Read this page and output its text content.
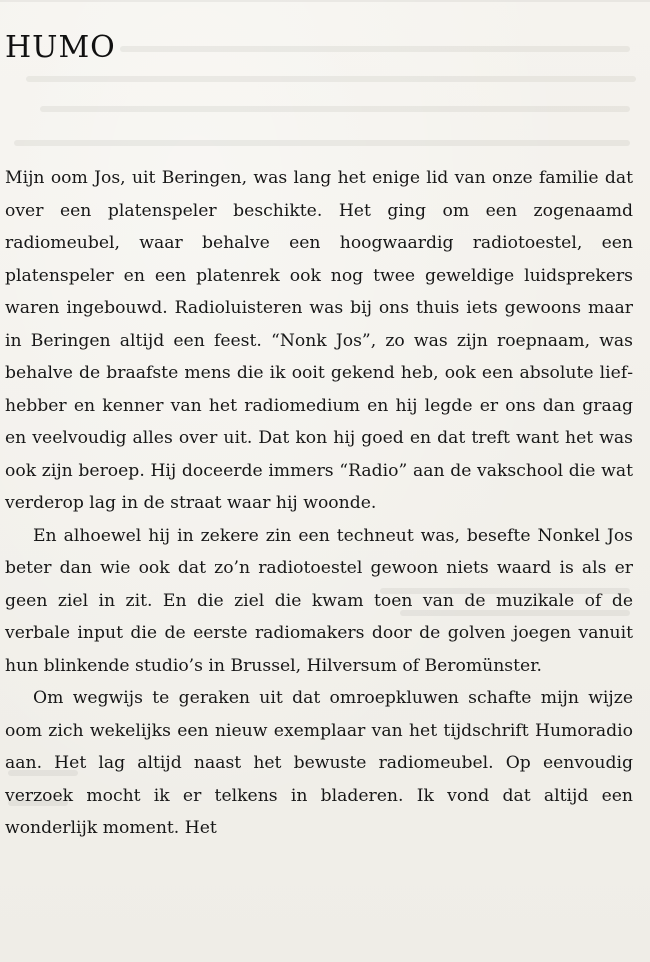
HUMO

Mijn oom Jos, uit Beringen, was lang het enige lid van onze familie dat over een platenspeler beschikte. Het ging om een zogenaamd radiomeubel, waar behalve een hoogwaardig radiotoestel, een platenspeler en een platenrek ook nog twee geweldige luidsprekers waren ingebouwd. Radioluisteren was bij ons thuis iets gewoons maar in Beringen altijd een feest. “Nonk Jos”, zo was zijn roepnaam, was behalve de braafste mens die ik ooit gekend heb, ook een absolute liefhebber en kenner van het radiomedium en hij legde er ons dan graag en veelvoudig alles over uit. Dat kon hij goed en dat treft want het was ook zijn beroep. Hij doceerde immers “Radio” aan de vakschool die wat verderop lag in de straat waar hij woonde.

En alhoewel hij in zekere zin een techneut was, besefte Nonkel Jos beter dan wie ook dat zo’n radiotoestel gewoon niets waard is als er geen ziel in zit. En die ziel die kwam toen van de muzikale of de verbale input die de eerste radiomakers door de golven joegen vanuit hun blinkende studio’s in Brussel, Hilversum of Beromünster.

Om wegwijs te geraken uit dat omroepkluwen schafte mijn wijze oom zich wekelijks een nieuw exemplaar van het tijdschrift Humoradio aan. Het lag altijd naast het bewuste radiomeubel. Op eenvoudig verzoek mocht ik er telkens in bladeren. Ik vond dat altijd een wonderlijk moment. Het
